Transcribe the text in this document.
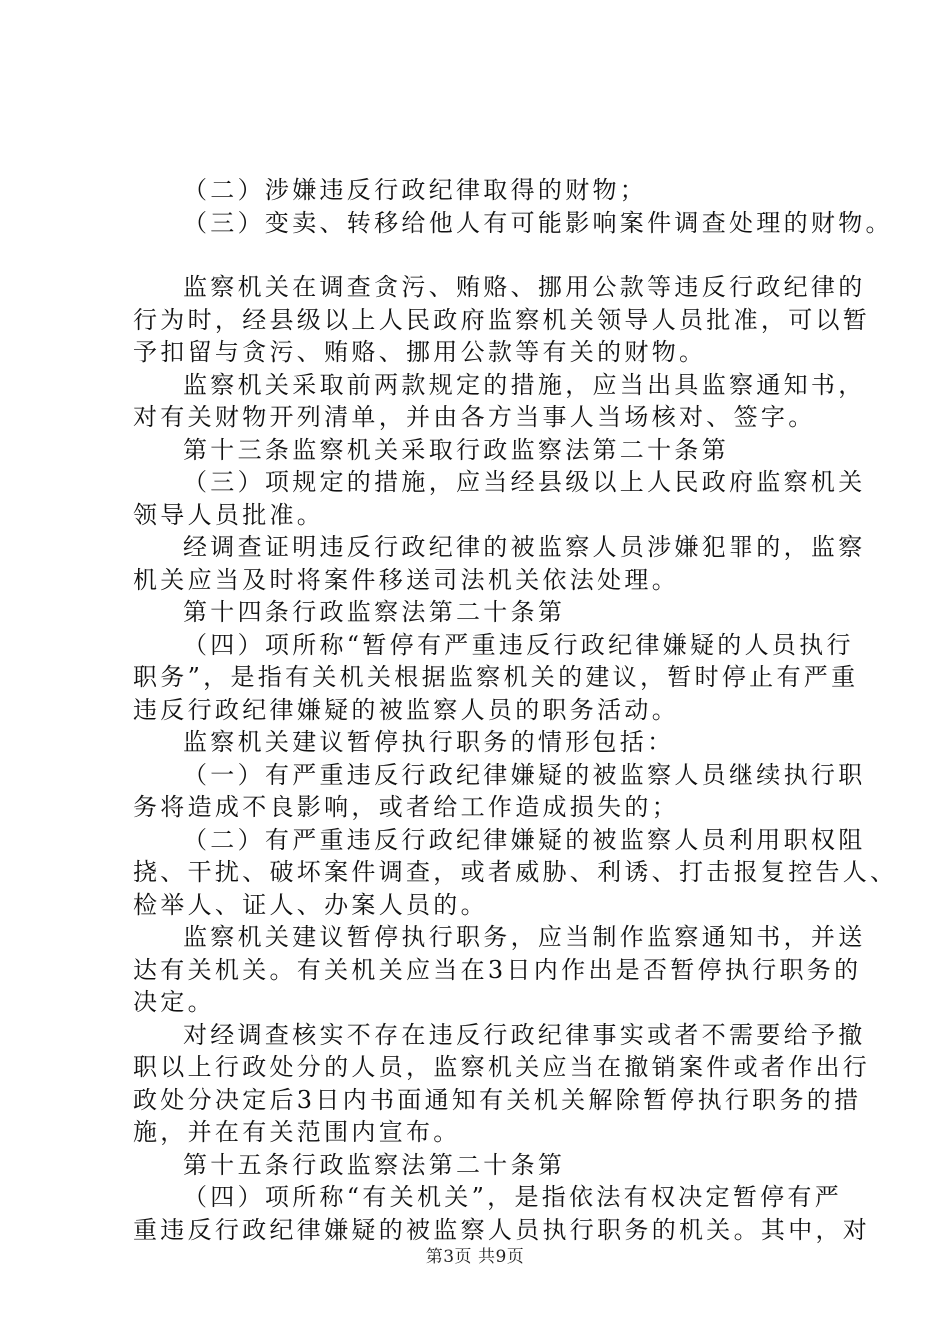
（二）涉嫌违反行政纪律取得的财物；
（三）变卖、转移给他人有可能影响案件调查处理的财物。
监察机关在调查贪污、贿赂、挪用公款等违反行政纪律的
行为时，经县级以上人民政府监察机关领导人员批准，可以暂
予扣留与贪污、贿赂、挪用公款等有关的财物。
监察机关采取前两款规定的措施，应当出具监察通知书，
对有关财物开列清单，并由各方当事人当场核对、签字。
第十三条监察机关采取行政监察法第二十条第
（三）项规定的措施，应当经县级以上人民政府监察机关
领导人员批准。
经调查证明违反行政纪律的被监察人员涉嫌犯罪的，监察
机关应当及时将案件移送司法机关依法处理。
第十四条行政监察法第二十条第
（四）项所称“暂停有严重违反行政纪律嫌疑的人员执行
职务”，是指有关机关根据监察机关的建议，暂时停止有严重
违反行政纪律嫌疑的被监察人员的职务活动。
监察机关建议暂停执行职务的情形包括：
（一）有严重违反行政纪律嫌疑的被监察人员继续执行职
务将造成不良影响，或者给工作造成损失的；
（二）有严重违反行政纪律嫌疑的被监察人员利用职权阻
挠、干扰、破坏案件调查，或者威胁、利诱、打击报复控告人、
检举人、证人、办案人员的。
监察机关建议暂停执行职务，应当制作监察通知书，并送
达有关机关。有关机关应当在3日内作出是否暂停执行职务的
决定。
对经调查核实不存在违反行政纪律事实或者不需要给予撤
职以上行政处分的人员，监察机关应当在撤销案件或者作出行
政处分决定后3日内书面通知有关机关解除暂停执行职务的措
施，并在有关范围内宣布。
第十五条行政监察法第二十条第
（四）项所称“有关机关”，是指依法有权决定暂停有严
重违反行政纪律嫌疑的被监察人员执行职务的机关。其中，对
第3页 共9页
